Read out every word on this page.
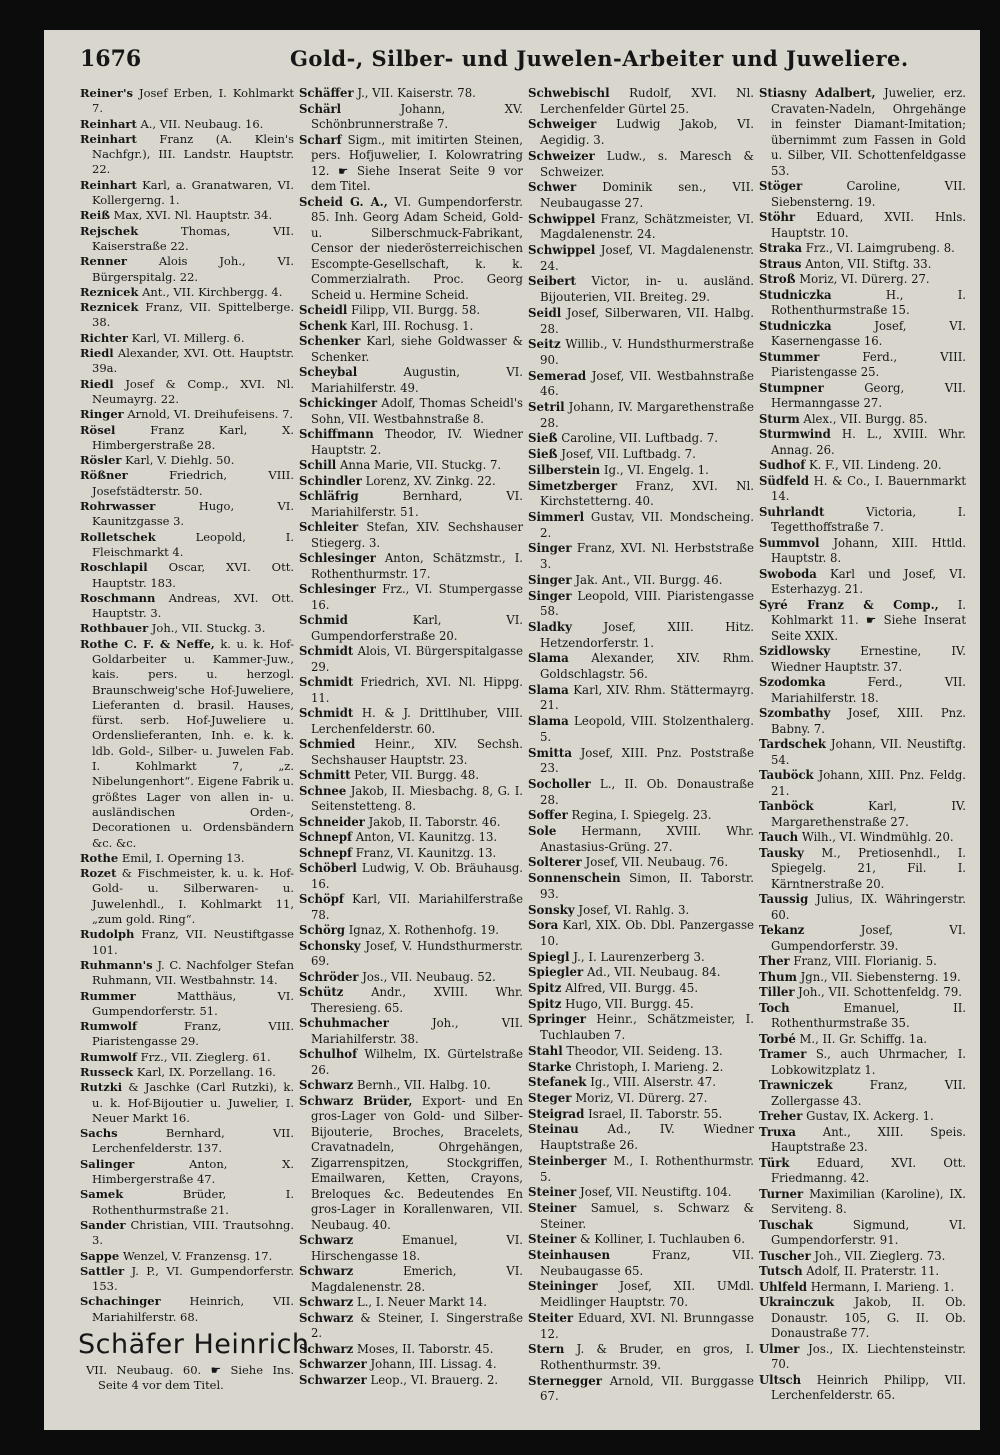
1676	Gold-, Silber- und Juwelen-Arbeiter und Juweliere.

Reiner's Josef Erben, I. Kohlmarkt 7.

Reinhart A., VII. Neubaug. 16.

Reinhart Franz (A. Klein's Nachfgr.), III. Landstr. Hauptstr. 22.

Reinhart Karl, a. Granatwaren, VI. Kollergerng. 1.

Reiß Max, XVI. Nl. Hauptstr. 34.

Rejschek	Thomas, VII. Kaiserstraße 22.

Renner	Alois Joh., VI. Bürgerspitalg. 22.

Reznicek Ant., VII. Kirchbergg. 4.

Reznicek Franz, VII. Spittelberge. 38.

Richter Karl, VI. Millerg. 6.

Riedl Alexander, XVI. Ott. Hauptstr. 39a.

Riedl Josef & Comp., XVI. Nl. Neumayrg. 22.

Ringer Arnold, VI. Dreihufeisens. 7.

Rösel	Franz Karl, X. Himbergerstraße 28.

Rösler Karl, V. Diehlg. 50.

Rößner	Friedrich, VIII. Josefstädterstr. 50.

Rohrwasser	Hugo, VI. Kaunitzgasse 3.

Rolletschek	Leopold, I. Fleischmarkt 4.

Roschlapil Oscar, XVI. Ott. Hauptstr. 183.

Roschmann Andreas, XVI. Ott. Hauptstr. 3.

Rothbauer Joh., VII. Stuckg. 3.

Rothe C. F. & Neffe, k. u. k. Hof-Goldarbeiter u. Kammer-Juw., kais. pers. u. herzogl. Braunschweig'sche Hof-Juweliere, Lieferanten d. brasil. Hauses, fürst. serb. Hof-Juweliere u. Ordenslieferanten, Inh. e. k. k. ldb. Gold-, Silber- u. Juwelen Fab. I. Kohlmarkt 7, „z. Nibelungenhort“. Eigene Fabrik u. größtes Lager von allen in- u. ausländischen Orden-, Decorationen u. Ordensbändern &c. &c.

Rothe Emil, I. Operning 13.

Rozet & Fischmeister, k. u. k. Hof-Gold- u. Silberwaren- u. Juwelenhdl., I. Kohlmarkt 11, „zum gold. Ring“.

Rudolph Franz, VII. Neustiftgasse 101.

Ruhmann's J. C. Nachfolger Stefan Ruhmann, VII. Westbahnstr. 14.

Rummer	Matthäus, VI. Gumpendorferstr. 51.

Rumwolf	Franz, VIII. Piaristengasse 29.

Rumwolf Frz., VII. Zieglerg. 61.

Russeck Karl, IX. Porzellang. 16.

Rutzki & Jaschke (Carl Rutzki), k. u. k. Hof-Bijoutier u. Juwelier, I. Neuer Markt 16.

Sachs	Bernhard, VII. Lerchenfelderstr. 137.

Salinger	Anton, X. Himbergerstraße 47.

Samek	Brüder, I. Rothenthurmstraße 21.

Sander Christian, VIII. Trautsohng. 3.

Sappe Wenzel, V. Franzensg. 17.

Sattler J. P., VI. Gumpendorferstr. 153.

Schachinger	Heinrich, VII. Mariahilferstr. 68.

Schäfer Heinrich

VII. Neubaug. 60. ☛ Siehe Ins. Seite 4 vor dem Titel.

Schäffer J., VII. Kaiserstr. 78.

Schärl	Johann, XV. Schönbrunnerstraße 7.

Scharf Sigm., mit imitirten Steinen, pers. Hofjuwelier, I. Kolowratring 12. ☛ Siehe Inserat Seite 9 vor dem Titel.

Scheid G. A., VI. Gumpendorferstr. 85. Inh. Georg Adam Scheid, Gold- u. Silberschmuck-Fabrikant, Censor der niederösterreichischen Escompte-Gesellschaft, k. k. Commerzialrath. Proc. Georg Scheid u. Hermine Scheid.

Scheidl Filipp, VII. Burgg. 58.

Schenk Karl, III. Rochusg. 1.

Schenker Karl, siehe Goldwasser & Schenker.

Scheybal	Augustin, VI. Mariahilferstr. 49.

Schickinger Adolf, Thomas Scheidl's Sohn, VII. Westbahnstraße 8.

Schiffmann Theodor, IV. Wiedner Hauptstr. 2.

Schill Anna Marie, VII. Stuckg. 7.

Schindler Lorenz, XV. Zinkg. 22.

Schläfrig	Bernhard, VI. Mariahilferstr. 51.

Schleiter Stefan, XIV. Sechshauser Stiegerg. 3.

Schlesinger Anton, Schätzmstr., I. Rothenthurmstr. 17.

Schlesinger Frz., VI. Stumpergasse 16.

Schmid	Karl, VI. Gumpendorferstraße 20.

Schmidt Alois, VI. Bürgerspitalgasse 29.

Schmidt Friedrich, XVI. Nl. Hippg. 11.

Schmidt H. & J. Drittlhuber, VIII. Lerchenfelderstr. 60.

Schmied Heinr., XIV. Sechsh. Sechshauser Hauptstr. 23.

Schmitt Peter, VII. Burgg. 48.

Schnee Jakob, II. Miesbachg. 8, G. I. Seitenstetteng. 8.

Schneider Jakob, II. Taborstr. 46.

Schnepf Anton, VI. Kaunitzg. 13.

Schnepf Franz, VI. Kaunitzg. 13.

Schöberl Ludwig, V. Ob. Bräuhausg. 16.

Schöpf Karl, VII. Mariahilferstraße 78.

Schörg Ignaz, X. Rothenhofg. 19.

Schonsky Josef, V. Hundsthurmerstr. 69.

Schröder Jos., VII. Neubaug. 52.

Schütz Andr., XVIII. Whr. Theresieng. 65.

Schuhmacher	Joh., VII. Mariahilferstr. 38.

Schulhof Wilhelm, IX. Gürtelstraße 26.

Schwarz Bernh., VII. Halbg. 10.

Schwarz Brüder, Export- und En gros-Lager von Gold- und Silber-Bijouterie, Broches, Bracelets, Cravatnadeln, Ohrgehängen, Zigarrenspitzen, Stockgriffen, Emailwaren, Ketten, Crayons, Breloques &c. Bedeutendes En gros-Lager in Korallenwaren, VII. Neubaug. 40.

Schwarz	Emanuel, VI. Hirschengasse 18.

Schwarz	Emerich, VI. Magdalenenstr. 28.

Schwarz L., I. Neuer Markt 14.

Schwarz & Steiner, I. Singerstraße 2.

Schwarz Moses, II. Taborstr. 45.

Schwarzer Johann, III. Lissag. 4.

Schwarzer Leop., VI. Brauerg. 2.

Schwebischl Rudolf, XVI. Nl. Lerchenfelder Gürtel 25.

Schweiger Ludwig Jakob, VI. Aegidig. 3.

Schweizer Ludw., s. Maresch & Schweizer.

Schwer Dominik sen., VII. Neubaugasse 27.

Schwippel Franz, Schätzmeister, VI. Magdalenenstr. 24.

Schwippel Josef, VI. Magdalenenstr. 24.

Seibert Victor, in- u. ausländ. Bijouterien, VII. Breiteg. 29.

Seidl Josef, Silberwaren, VII. Halbg. 28.

Seitz Willib., V. Hundsthurmerstraße 90.

Semerad Josef, VII. Westbahnstraße 46.

Setril Johann, IV. Margarethenstraße 28.

Sieß Caroline, VII. Luftbadg. 7.

Sieß Josef, VII. Luftbadg. 7.

Silberstein Ig., VI. Engelg. 1.

Simetzberger Franz, XVI. Nl. Kirchstetterng. 40.

Simmerl Gustav, VII. Mondscheing. 2.

Singer Franz, XVI. Nl. Herbststraße 3.

Singer Jak. Ant., VII. Burgg. 46.

Singer Leopold, VIII. Piaristengasse 58.

Sladky	Josef, XIII. Hitz. Hetzendorferstr. 1.

Slama Alexander, XIV. Rhm. Goldschlagstr. 56.

Slama Karl, XIV. Rhm. Stättermayrg. 21.

Slama Leopold, VIII. Stolzenthalerg. 5.

Smitta Josef, XIII. Pnz. Poststraße 23.

Socholler L., II. Ob. Donaustraße 28.

Soffer Regina, I. Spiegelg. 23.

Sole Hermann, XVIII. Whr. Anastasius-Grüng. 27.

Solterer Josef, VII. Neubaug. 76.

Sonnenschein Simon, II. Taborstr. 93.

Sonsky Josef, VI. Rahlg. 3.

Sora Karl, XIX. Ob. Dbl. Panzergasse 10.

Spiegl J., I. Laurenzerberg 3.

Spiegler Ad., VII. Neubaug. 84.

Spitz Alfred, VII. Burgg. 45.

Spitz Hugo, VII. Burgg. 45.

Springer Heinr., Schätzmeister, I. Tuchlauben 7.

Stahl Theodor, VII. Seideng. 13.

Starke Christoph, I. Marieng. 2.

Stefanek Ig., VIII. Alserstr. 47.

Steger Moriz, VI. Dürerg. 27.

Steigrad Israel, II. Taborstr. 55.

Steinau Ad., IV. Wiedner Hauptstraße 26.

Steinberger M., I. Rothenthurmstr. 5.

Steiner Josef, VII. Neustiftg. 104.

Steiner Samuel, s. Schwarz & Steiner.

Steiner & Kolliner, I. Tuchlauben 6.

Steinhausen	Franz, VII. Neubaugasse 65.

Steininger Josef, XII. UMdl. Meidlinger Hauptstr. 70.

Steiter Eduard, XVI. Nl. Brunngasse 12.

Stern J. & Bruder, en gros, I. Rothenthurmstr. 39.

Sternegger Arnold, VII. Burggasse 67.

Stiasny Adalbert, Juwelier, erz. Cravaten-Nadeln, Ohrgehänge in feinster Diamant-Imitation; übernimmt zum Fassen in Gold u. Silber, VII. Schottenfeldgasse 53.

Stöger	Caroline, VII. Siebensterng. 19.

Stöhr Eduard, XVII. Hnls. Hauptstr. 10.

Straka Frz., VI. Laimgrubeng. 8.

Straus Anton, VII. Stiftg. 33.

Stroß Moriz, VI. Dürerg. 27.

Studniczka	H., I. Rothenthurmstraße 15.

Studniczka	Josef, VI. Kasernengasse 16.

Stummer	Ferd., VIII. Piaristengasse 25.

Stumpner	Georg, VII. Hermanngasse 27.

Sturm Alex., VII. Burgg. 85.

Sturmwind H. L., XVIII. Whr. Annag. 26.

Sudhof K. F., VII. Lindeng. 20.

Südfeld H. & Co., I. Bauernmarkt 14.

Suhrlandt	Victoria, I. Tegetthoffstraße 7.

Summvol Johann, XIII. Httld. Hauptstr. 8.

Swoboda Karl und Josef, VI. Esterhazyg. 21.

Syré Franz & Comp., I. Kohlmarkt 11. ☛ Siehe Inserat Seite XXIX.

Szidlowsky	Ernestine, IV. Wiedner Hauptstr. 37.

Szodomka	Ferd., VII. Mariahilferstr. 18.

Szombathy Josef, XIII. Pnz. Babny. 7.

Tardschek Johann, VII. Neustiftg. 54.

Tauböck Johann, XIII. Pnz. Feldg. 21.

Tanböck	Karl, IV. Margarethenstraße 27.

Tauch Wilh., VI. Windmühlg. 20.

Tausky M., Pretiosenhdl., I. Spiegelg. 21, Fil. I. Kärntnerstraße 20.

Taussig Julius, IX. Währingerstr. 60.

Tekanz	Josef, VI. Gumpendorferstr. 39.

Ther Franz, VIII. Florianig. 5.

Thum Jgn., VII. Siebensterng. 19.

Tiller Joh., VII. Schottenfeldg. 79.

Toch	Emanuel, II. Rothenthurmstraße 35.

Torbé M., II. Gr. Schiffg. 1a.

Tramer S., auch Uhrmacher, I. Lobkowitzplatz 1.

Trawniczek	Franz, VII. Zollergasse 43.

Treher Gustav, IX. Ackerg. 1.

Truxa Ant., XIII. Speis. Hauptstraße 23.

Türk Eduard, XVI. Ott. Friedmanng. 42.

Turner Maximilian (Karoline), IX. Serviteng. 8.

Tuschak	Sigmund, VI. Gumpendorferstr. 91.

Tuscher Joh., VII. Zieglerg. 73.

Tutsch Adolf, II. Praterstr. 11.

Uhlfeld Hermann, I. Marieng. 1.

Ukrainczuk Jakob, II. Ob. Donaustr. 105, G. II. Ob. Donaustraße 77.

Ulmer Jos., IX. Liechtensteinstr. 70.

Ultsch Heinrich Philipp, VII. Lerchenfelderstr. 65.
